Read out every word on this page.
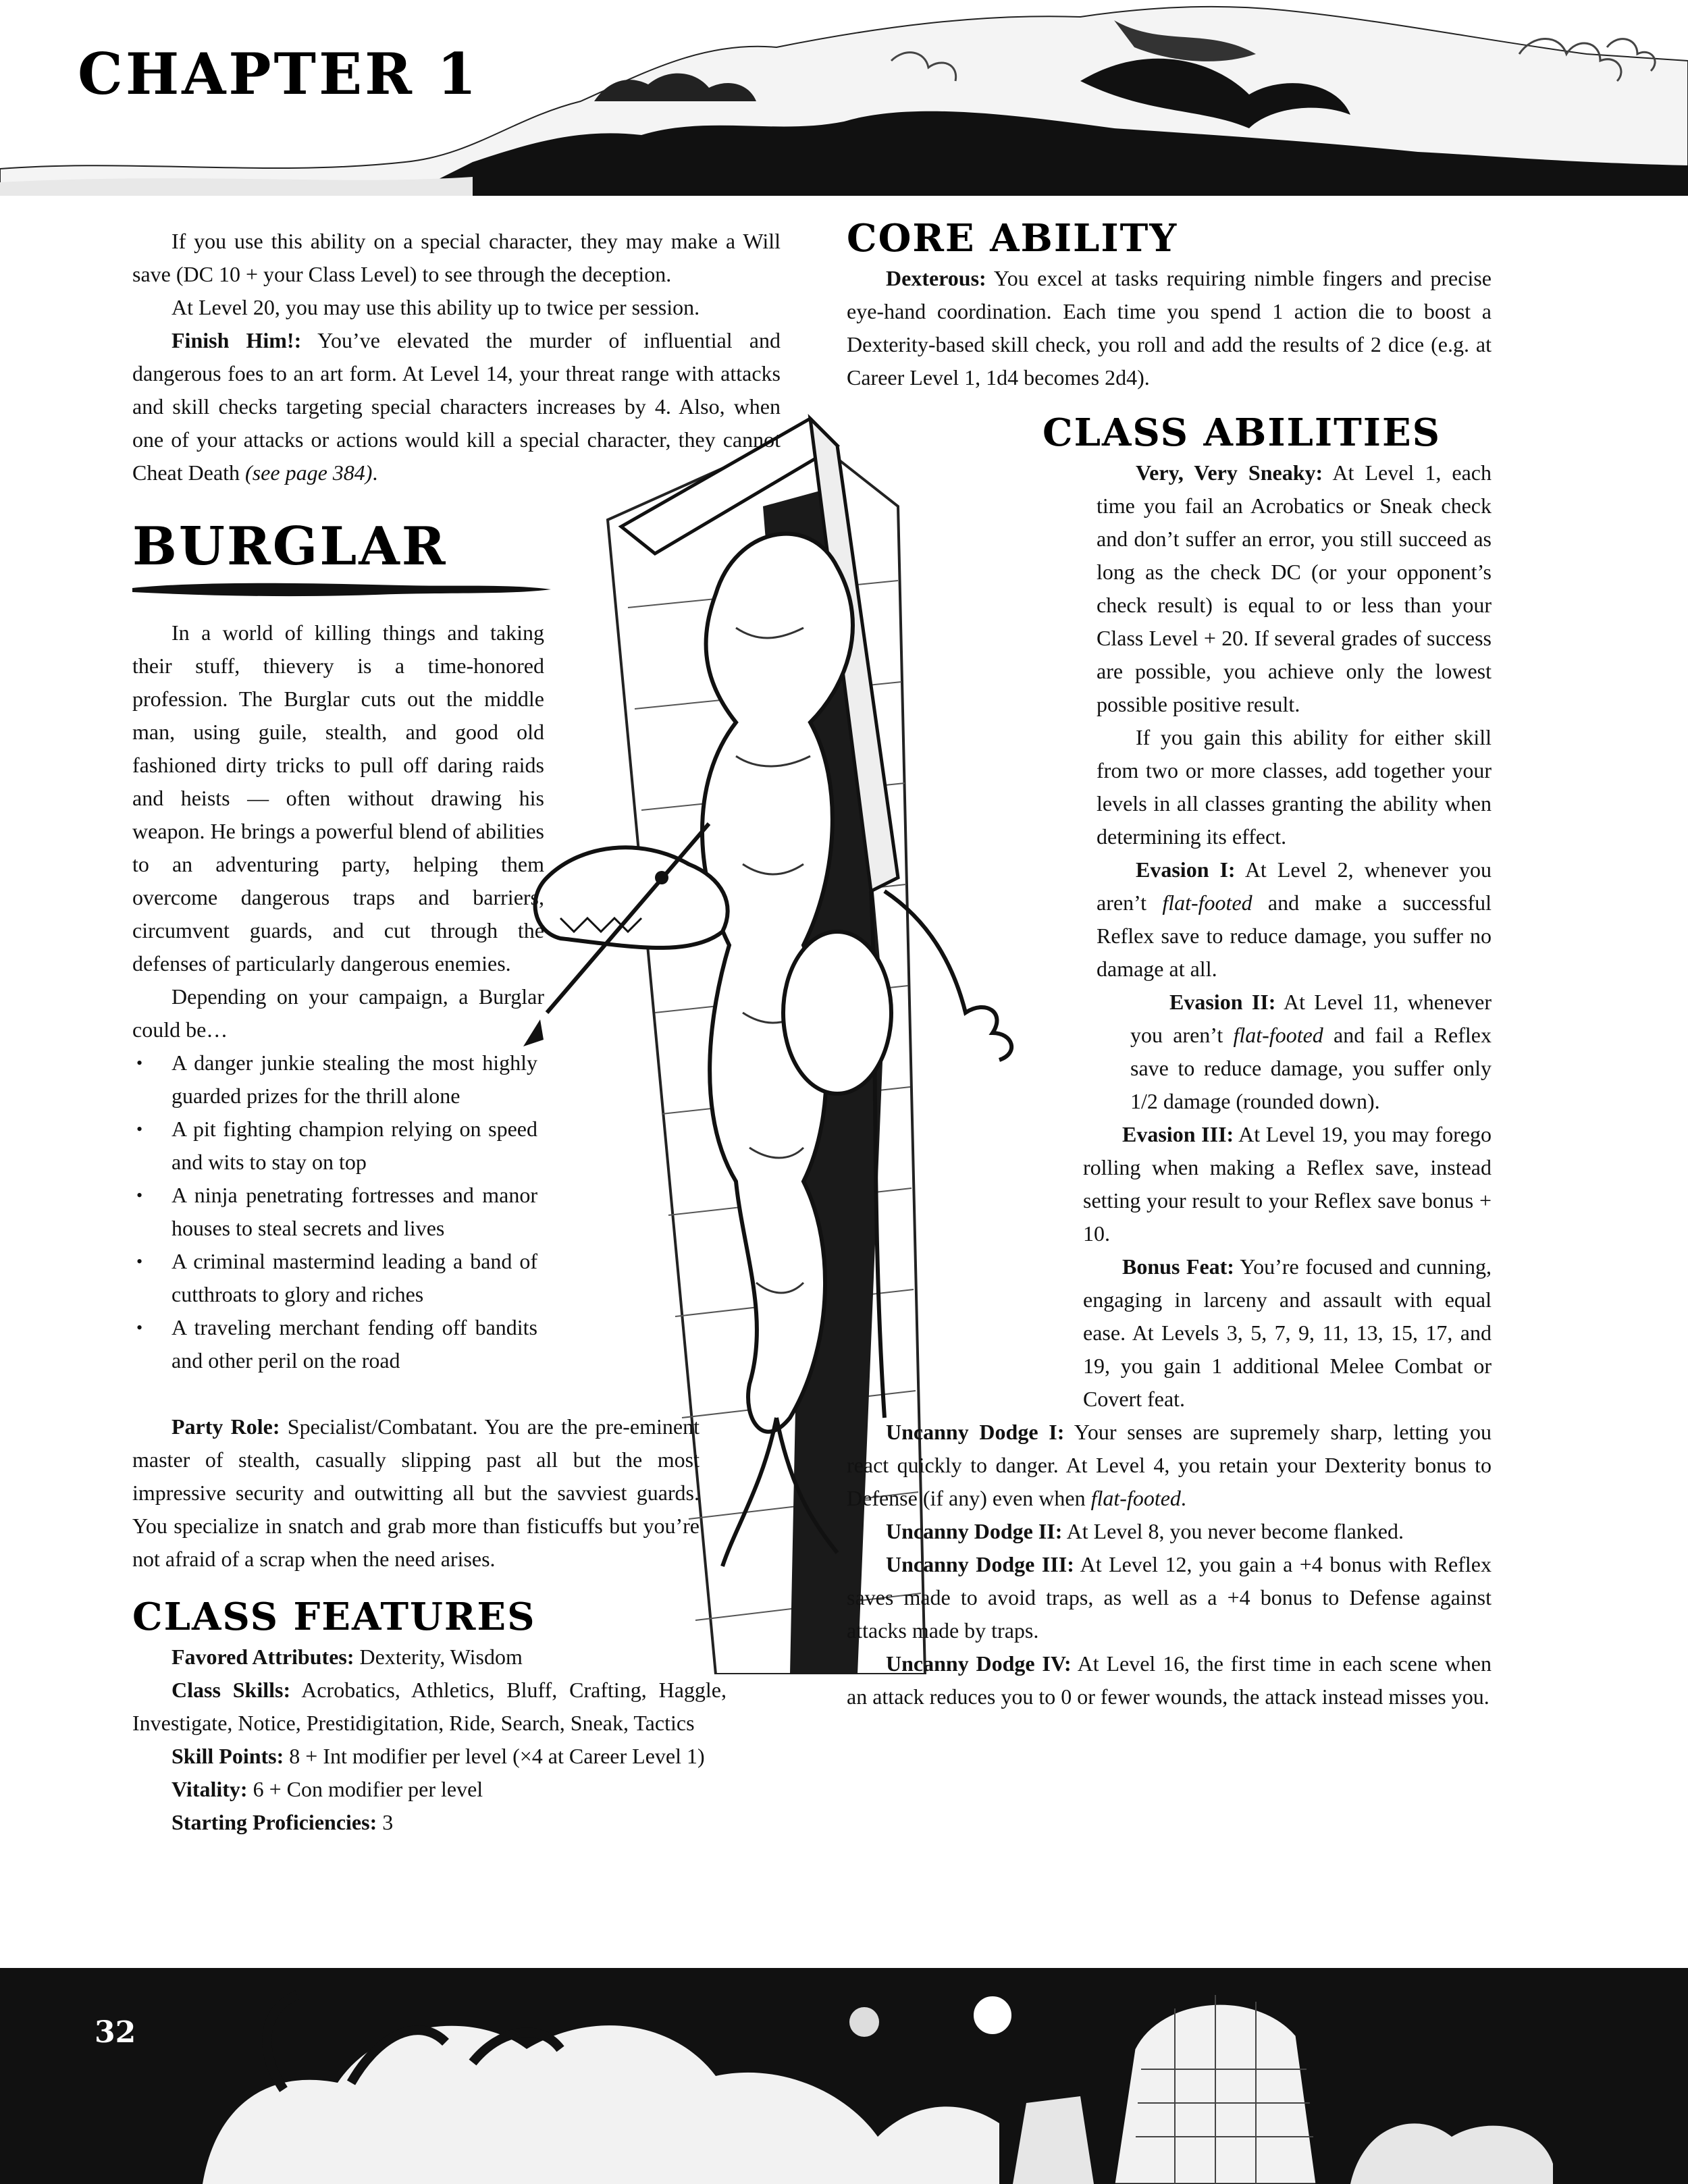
CHAPTER 1

If you use this ability on a special character, they may make a Will save (DC 10 + your Class Level) to see through the deception.

At Level 20, you may use this ability up to twice per session.

Finish Him!: You’ve elevated the murder of influential and dangerous foes to an art form. At Level 14, your threat range with attacks and skill checks targeting special characters increases by 4. Also, when one of your attacks or actions would kill a special character, they cannot Cheat Death (see page 384).

BURGLAR

In a world of killing things and taking their stuff, thievery is a time-honored profession. The Burglar cuts out the middle man, using guile, stealth, and good old fashioned dirty tricks to pull off daring raids and heists — often without drawing his weapon. He brings a powerful blend of abilities to an adventuring party, helping them overcome dangerous traps and barriers, circumvent guards, and cut through the defenses of particularly dangerous enemies.

Depending on your campaign, a Burglar could be…

• A danger junkie stealing the most highly guarded prizes for the thrill alone
• A pit fighting champion relying on speed and wits to stay on top
• A ninja penetrating fortresses and manor houses to steal secrets and lives
• A criminal mastermind leading a band of cutthroats to glory and riches
• A traveling merchant fending off bandits and other peril on the road

Party Role: Specialist/Combatant. You are the pre-eminent master of stealth, casually slipping past all but the most impressive security and outwitting all but the savviest guards. You specialize in snatch and grab more than fisticuffs but you’re not afraid of a scrap when the need arises.

CLASS FEATURES

Favored Attributes: Dexterity, Wisdom

Class Skills: Acrobatics, Athletics, Bluff, Crafting, Haggle, Investigate, Notice, Prestidigitation, Ride, Search, Sneak, Tactics

Skill Points: 8 + Int modifier per level (×4 at Career Level 1)

Vitality: 6 + Con modifier per level

Starting Proficiencies: 3

CORE ABILITY

Dexterous: You excel at tasks requiring nimble fingers and precise eye-hand coordination. Each time you spend 1 action die to boost a Dexterity-based skill check, you roll and add the results of 2 dice (e.g. at Career Level 1, 1d4 becomes 2d4).

CLASS ABILITIES

Very, Very Sneaky: At Level 1, each time you fail an Acrobatics or Sneak check and don’t suffer an error, you still succeed as long as the check DC (or your opponent’s check result) is equal to or less than your Class Level + 20. If several grades of success are possible, you achieve only the lowest possible positive result.

If you gain this ability for either skill from two or more classes, add together your levels in all classes granting the ability when determining its effect.

Evasion I: At Level 2, whenever you aren’t flat-footed and make a successful Reflex save to reduce damage, you suffer no damage at all.

Evasion II: At Level 11, whenever you aren’t flat-footed and fail a Reflex save to reduce damage, you suffer only 1/2 damage (rounded down).

Evasion III: At Level 19, you may forego rolling when making a Reflex save, instead setting your result to your Reflex save bonus + 10.

Bonus Feat: You’re focused and cunning, engaging in larceny and assault with equal ease. At Levels 3, 5, 7, 9, 11, 13, 15, 17, and 19, you gain 1 additional Melee Combat or Covert feat.

Uncanny Dodge I: Your senses are supremely sharp, letting you react quickly to danger. At Level 4, you retain your Dexterity bonus to Defense (if any) even when flat-footed.

Uncanny Dodge II: At Level 8, you never become flanked.

Uncanny Dodge III: At Level 12, you gain a +4 bonus with Reflex saves made to avoid traps, as well as a +4 bonus to Defense against attacks made by traps.

Uncanny Dodge IV: At Level 16, the first time in each scene when an attack reduces you to 0 or fewer wounds, the attack instead misses you.

32
